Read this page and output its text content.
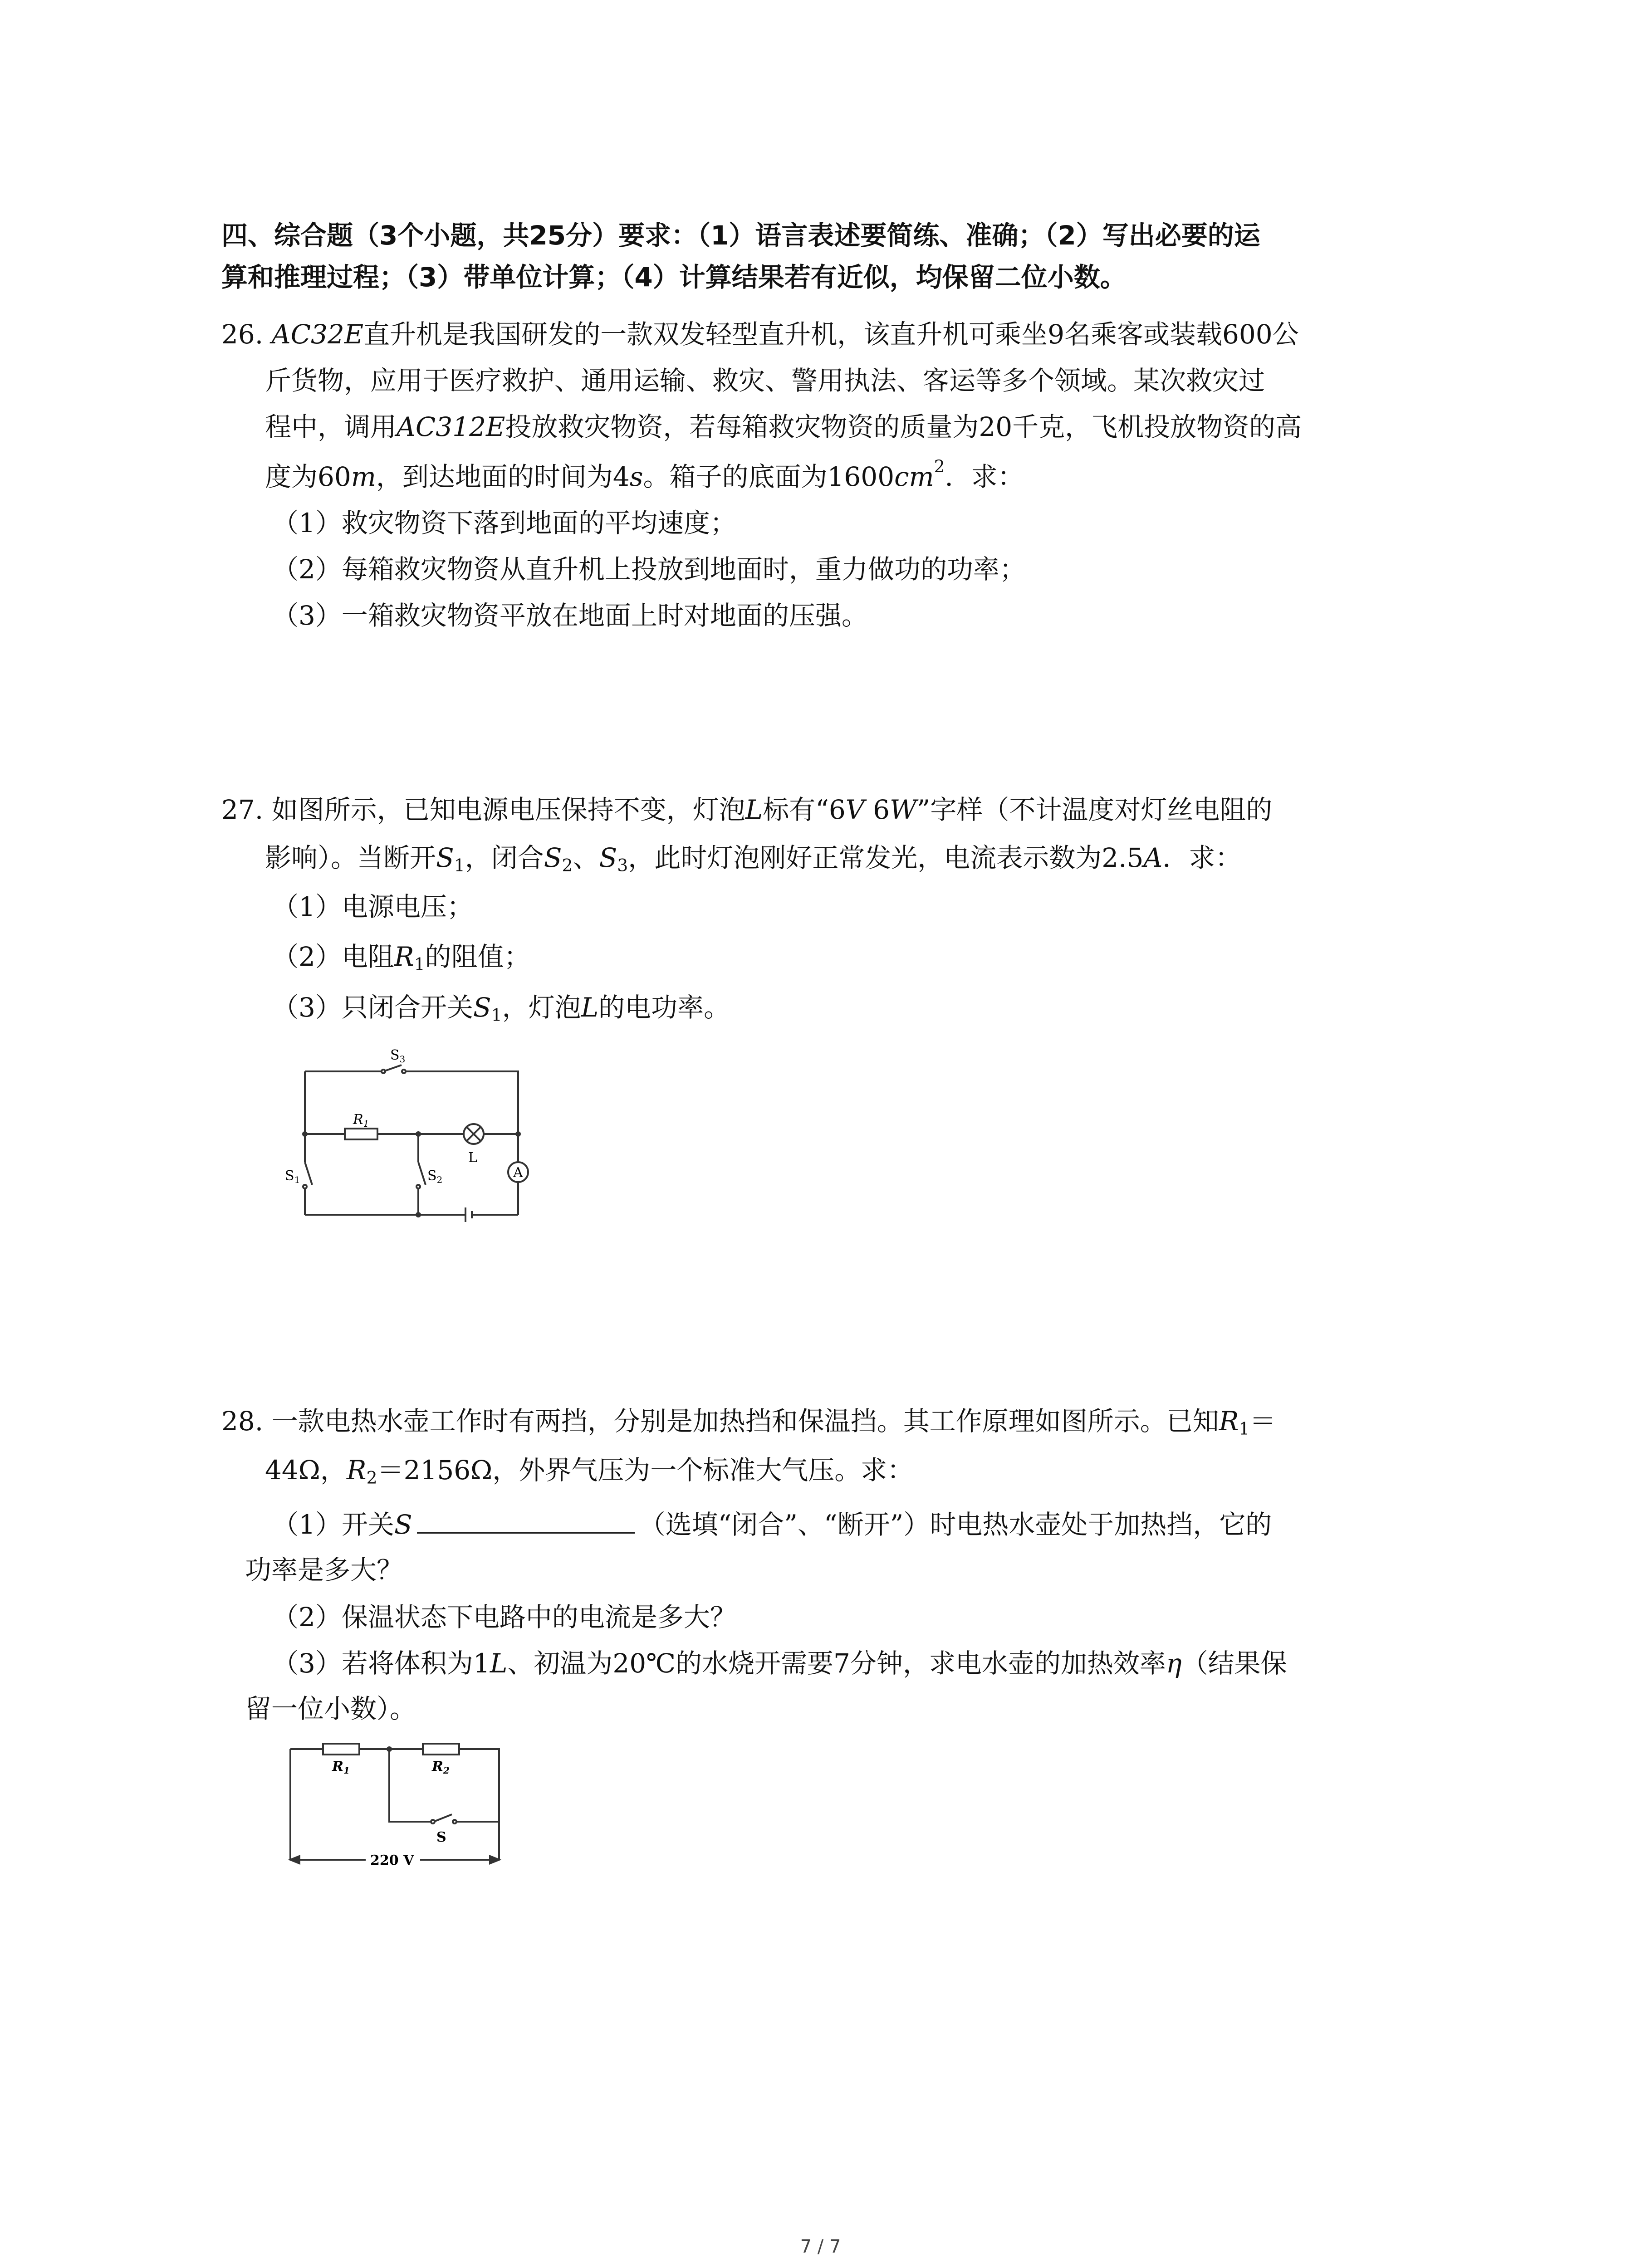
四、综合题（3个小题，共25分）要求：（1）语言表述要简练、准确；（2）写出必要的运
算和推理过程；（3）带单位计算；（4）计算结果若有近似，均保留二位小数。
26. AC32E直升机是我国研发的一款双发轻型直升机，该直升机可乘坐9名乘客或装载600公
斤货物，应用于医疗救护、通用运输、救灾、警用执法、客运等多个领域。某次救灾过
程中，调用AC312E投放救灾物资，若每箱救灾物资的质量为20千克，飞机投放物资的高
度为60m，到达地面的时间为4s。箱子的底面为$1600cm^2$．求：
（1）救灾物资下落到地面的平均速度；
（2）每箱救灾物资从直升机上投放到地面时，重力做功的功率；
（3）一箱救灾物资平放在地面上时对地面的压强。
27. 如图所示，已知电源电压保持不变，灯泡L标有“6V 6W”字样（不计温度对灯丝电阻的
影响）。当断开$S_1$，闭合$S_2$、$S_3$，此时灯泡刚好正常发光，电流表示数为2.5A．求：
（1）电源电压；
（2）电阻$R_1$的阻值；
（3）只闭合开关$S_1$，灯泡L的电功率。
$S_3$
$R_1$
$S_1$	$S_2$
L
A
28. 一款电热水壶工作时有两挡，分别是加热挡和保温挡。其工作原理如图所示。已知$R_1=$
44Ω，$R_2=2156\Omega$，外界气压为一个标准大气压。求：
（1）开关S	（选填“闭合”、“断开”）时电热水壶处于加热挡，它的
功率是多大？
（2）保温状态下电路中的电流是多大？
（3）若将体积为1L、初温为20℃的水烧开需要7分钟，求电水壶的加热效率η（结果保
留一位小数）。
$R_1$	$R_2$
S
220 V
7 / 7
